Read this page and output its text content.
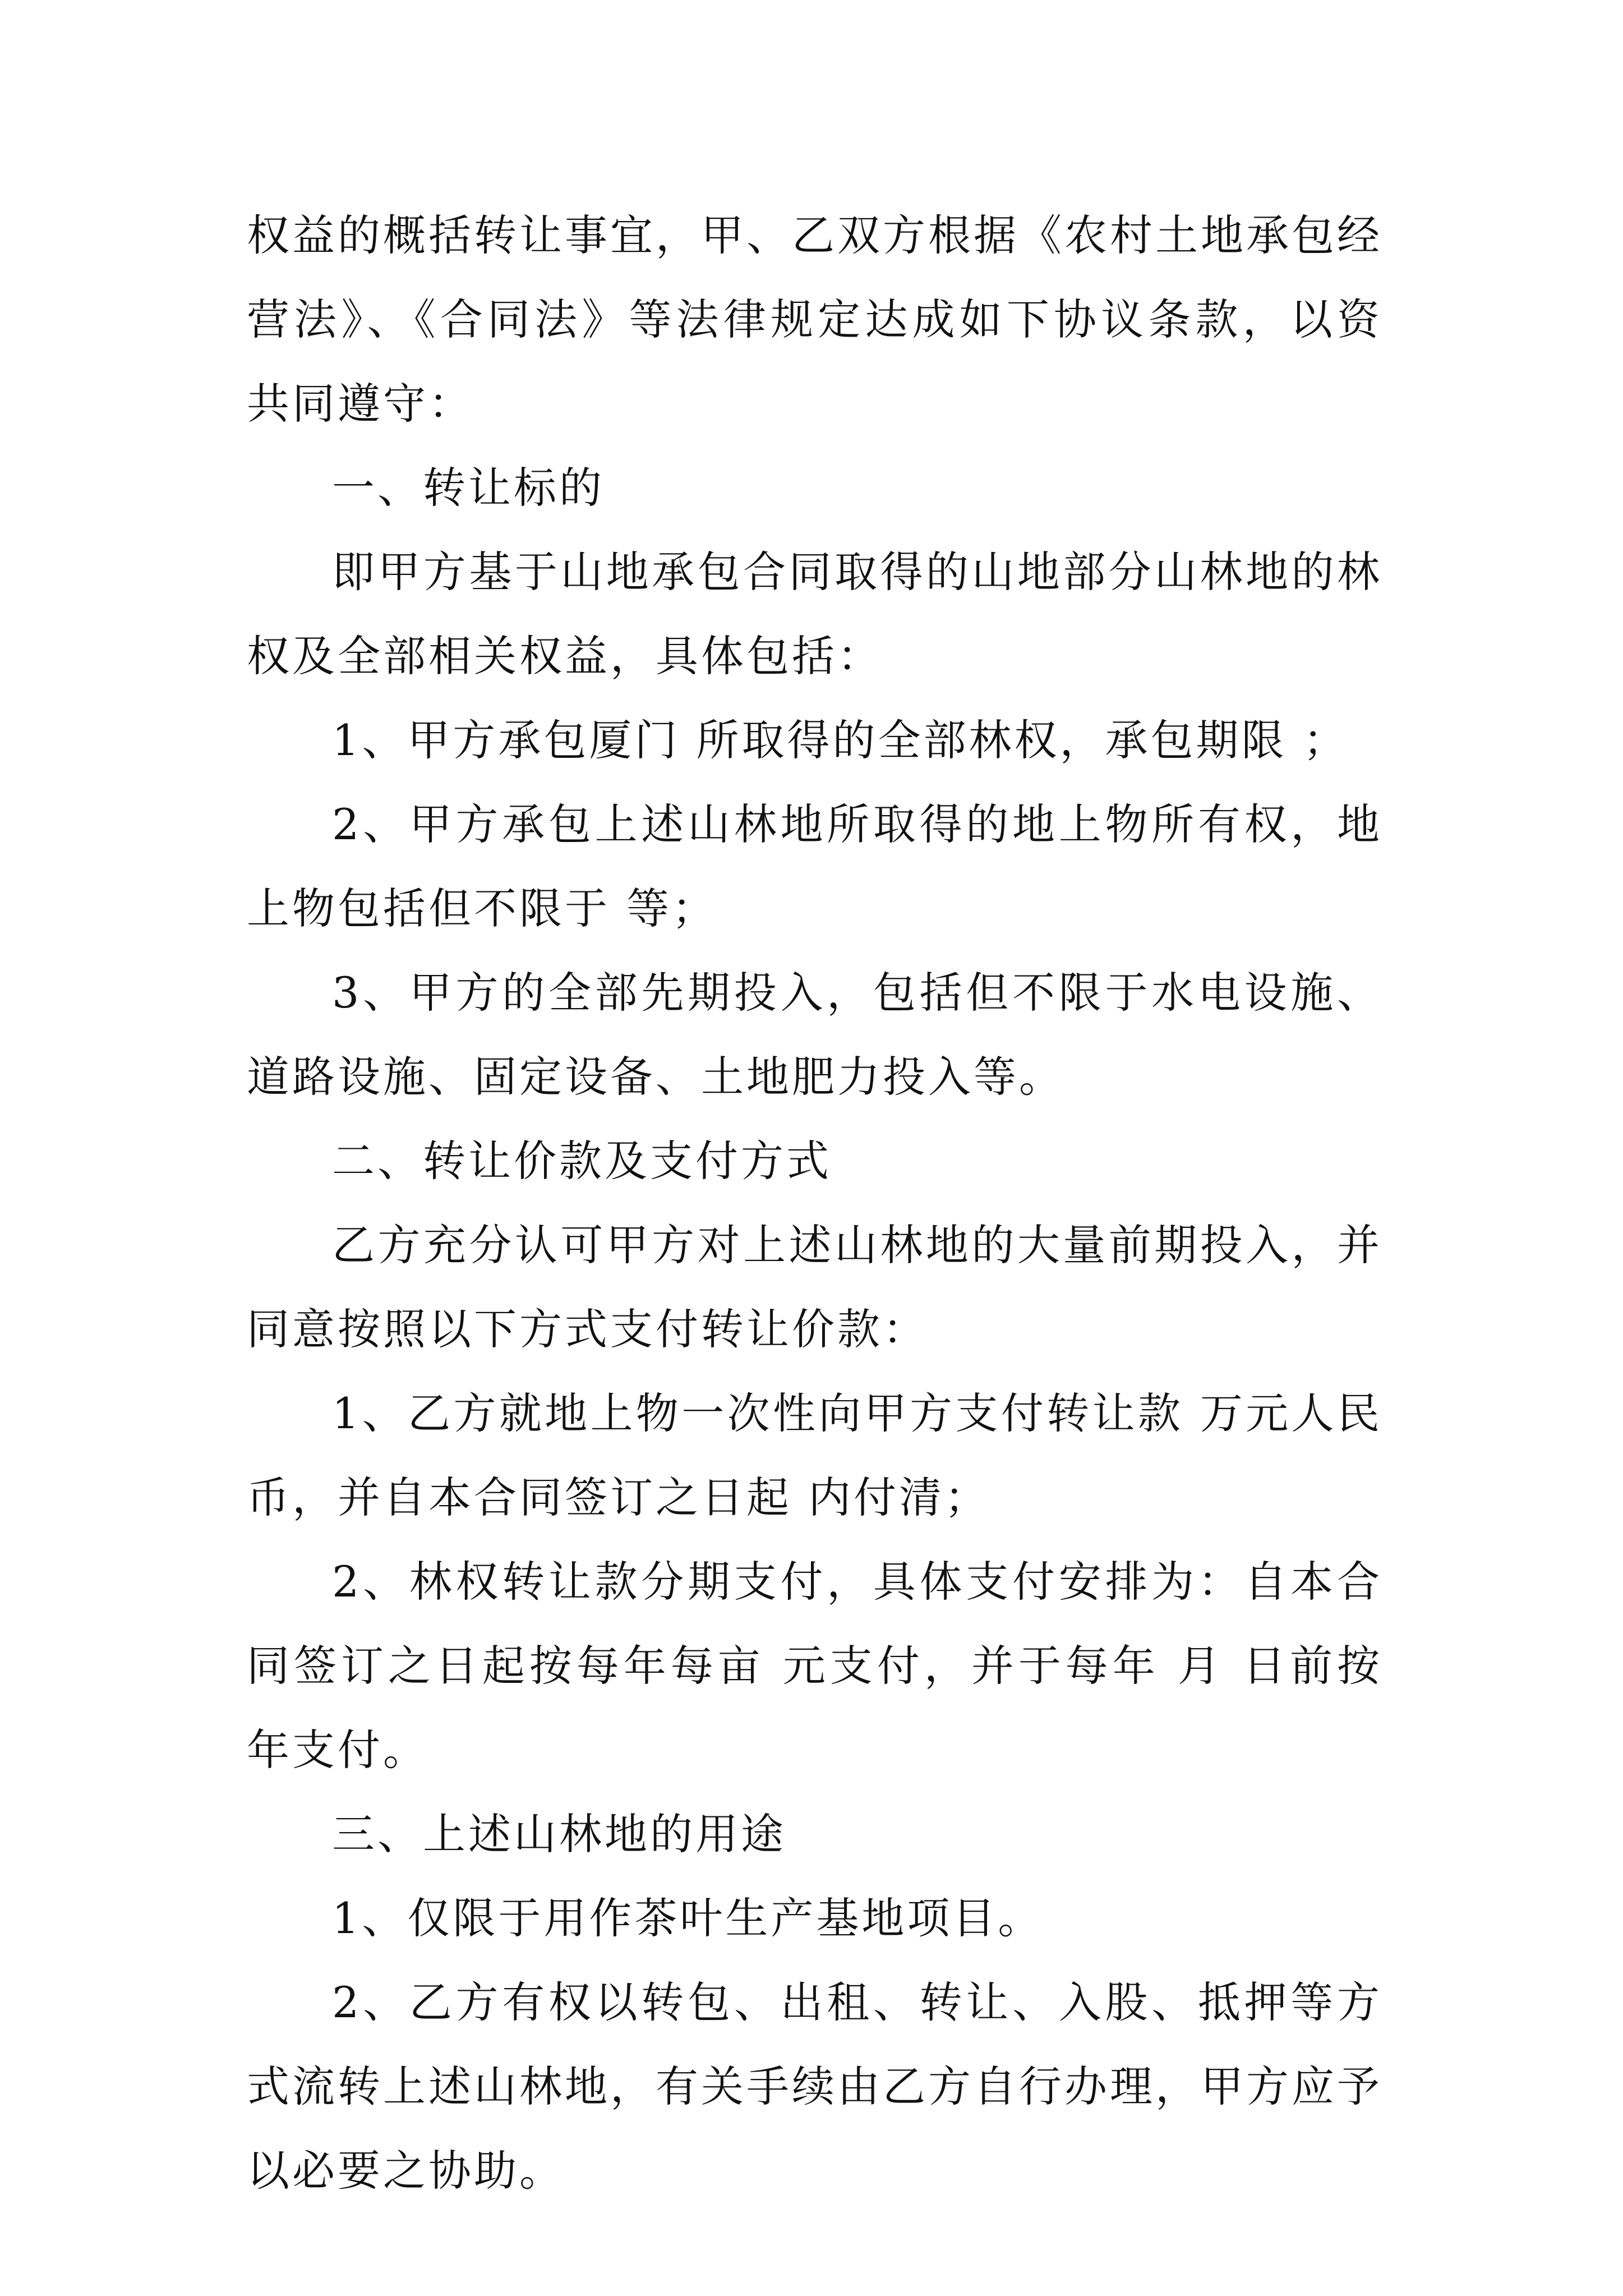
权益的概括转让事宜，甲、乙双方根据《农村土地承包经营法》、《合同法》等法律规定达成如下协议条款，以资共同遵守：

一、转让标的

即甲方基于山地承包合同取得的山地部分山林地的林权及全部相关权益，具体包括：

1、甲方承包厦门 所取得的全部林权，承包期限 ；

2、甲方承包上述山林地所取得的地上物所有权，地上物包括但不限于 等；

3、甲方的全部先期投入，包括但不限于水电设施、道路设施、固定设备、土地肥力投入等。

二、转让价款及支付方式

乙方充分认可甲方对上述山林地的大量前期投入，并同意按照以下方式支付转让价款：

1、乙方就地上物一次性向甲方支付转让款 万元人民币，并自本合同签订之日起 内付清；

2、林权转让款分期支付，具体支付安排为：自本合同签订之日起按每年每亩 元支付，并于每年 月 日前按年支付。

三、上述山林地的用途

1、仅限于用作茶叶生产基地项目。

2、乙方有权以转包、出租、转让、入股、抵押等方式流转上述山林地，有关手续由乙方自行办理，甲方应予以必要之协助。
